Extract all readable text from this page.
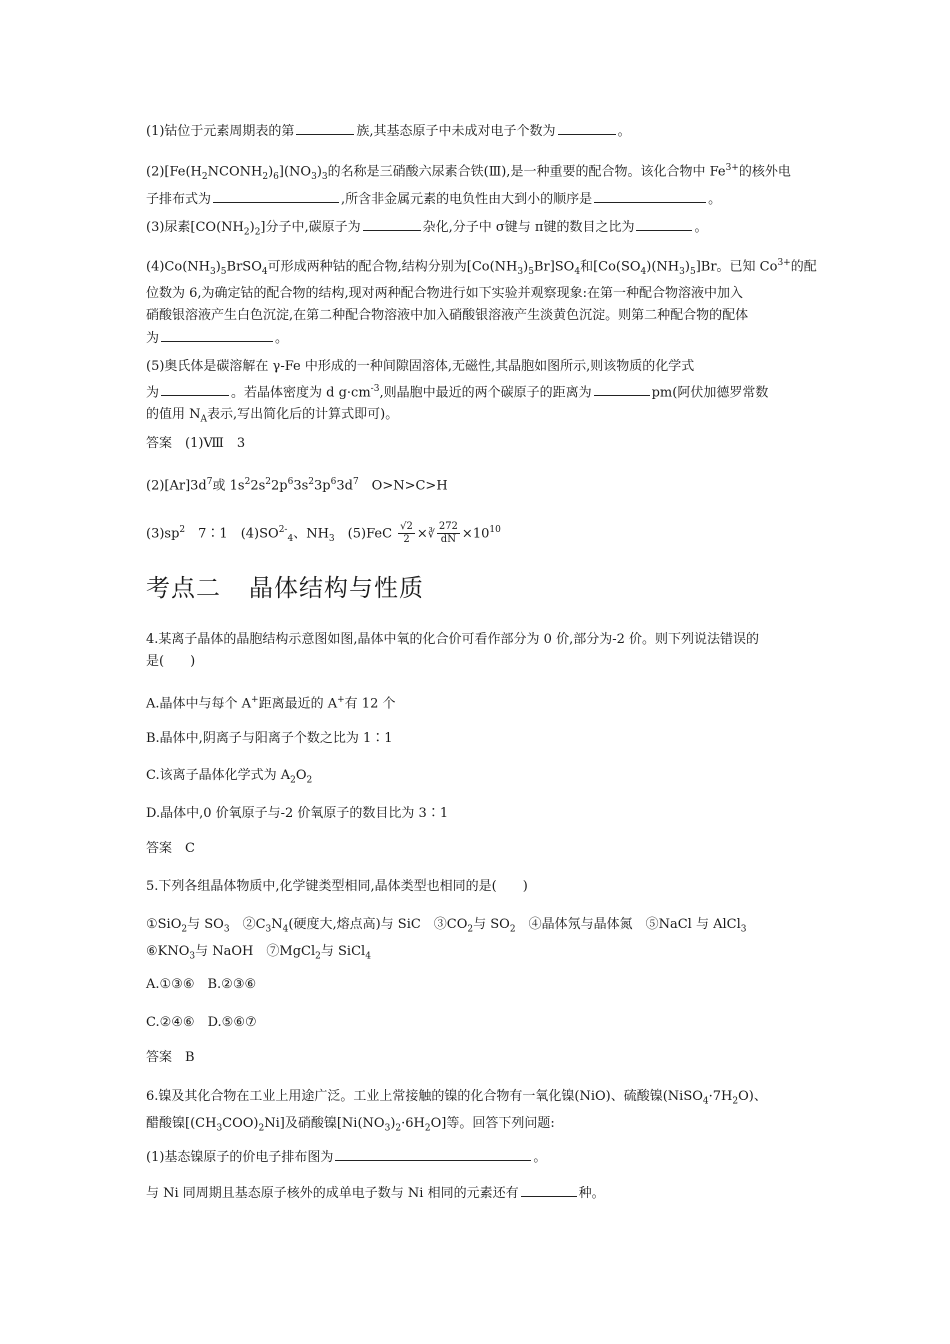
(1)钴位于元素周期表的第	族,其基态原子中未成对电子个数为	。
$(2)[Fe(H_2NCONH_2)_6](NO_3)_3$的名称是三硝酸六尿素合铁(Ⅲ),是一种重要的配合物。该化合物中 $Fe^{3+}$的核外电
子排布式为	,所含非金属元素的电负性由大到小的顺序是	。
(3)尿素$[CO(NH_2)_2]$分子中,碳原子为	杂化,分子中 σ键与 π键的数目之比为	。
$(4)Co(NH_3)_5BrSO_4$可形成两种钴的配合物,结构分别为$[Co(NH_3)_5Br]SO_4$和$[Co(SO_4)(NH_3)_5]Br$。已知 $Co^{3+}$的配
位数为 6,为确定钴的配合物的结构,现对两种配合物进行如下实验并观察现象:在第一种配合物溶液中加入
硝酸银溶液产生白色沉淀,在第二种配合物溶液中加入硝酸银溶液产生淡黄色沉淀。则第二种配合物的配体
为	。
(5)奥氏体是碳溶解在 γ-Fe 中形成的一种间隙固溶体,无磁性,其晶胞如图所示,则该物质的化学式
为	。若晶体密度为 d $g\cdot cm^{-3}$,则晶胞中最近的两个碳原子的距离为	pm(阿伏加德罗常数
的值用 $N_A$表示,写出简化后的计算式即可)。
答案　(1)Ⅷ　3
$(2)[Ar]3d^7$或 $1s^22s^22p^63s^23p^63d^7$　O>N>C>H
$(3)sp^2$　7∶1　$(4)SO^{2-}_4$、$NH_3$　$(5)FeC \frac{√2}{2}$ ×∛ $\frac{272}{dN} \times 10^{10}$
考点二 晶体结构与性质
4.某离子晶体的晶胞结构示意图如图,晶体中氧的化合价可看作部分为 0 价,部分为-2 价。则下列说法错误的
是(　　)
A.晶体中与每个 A+距离最近的 A+有 12 个
B.晶体中,阴离子与阳离子个数之比为 1∶1
C.该离子晶体化学式为 $A_2O_2$
D.晶体中,0 价氧原子与-2 价氧原子的数目比为 3∶1
答案　C
5.下列各组晶体物质中,化学键类型相同,晶体类型也相同的是(　　)
①SiO$_2$与 $SO_3$　 $②C_3N_4$(硬度大,熔点高)与 SiC　$③CO_2$与 $SO_2$　 ④晶体氖与晶体氮　⑤NaCl 与 AlCl$_3$
$⑥KNO_3$与 NaOH　⑦MgCl$_2$与 SiCl$_4$
A.①③⑥　B.②③⑥
C.②④⑥　D.⑤⑥⑦
答案　B
6.镍及其化合物在工业上用途广泛。工业上常接触的镍的化合物有一氧化镍(NiO)、硫酸镍$(NiSO_4\cdot 7H_2O)$、
醋酸镍$[(CH_3COO)_2Ni]$及硝酸镍$[Ni(NO_3)_2\cdot 6H_2O]$等。回答下列问题:
(1)基态镍原子的价电子排布图为	。
与 Ni 同周期且基态原子核外的成单电子数与 Ni 相同的元素还有	种。
